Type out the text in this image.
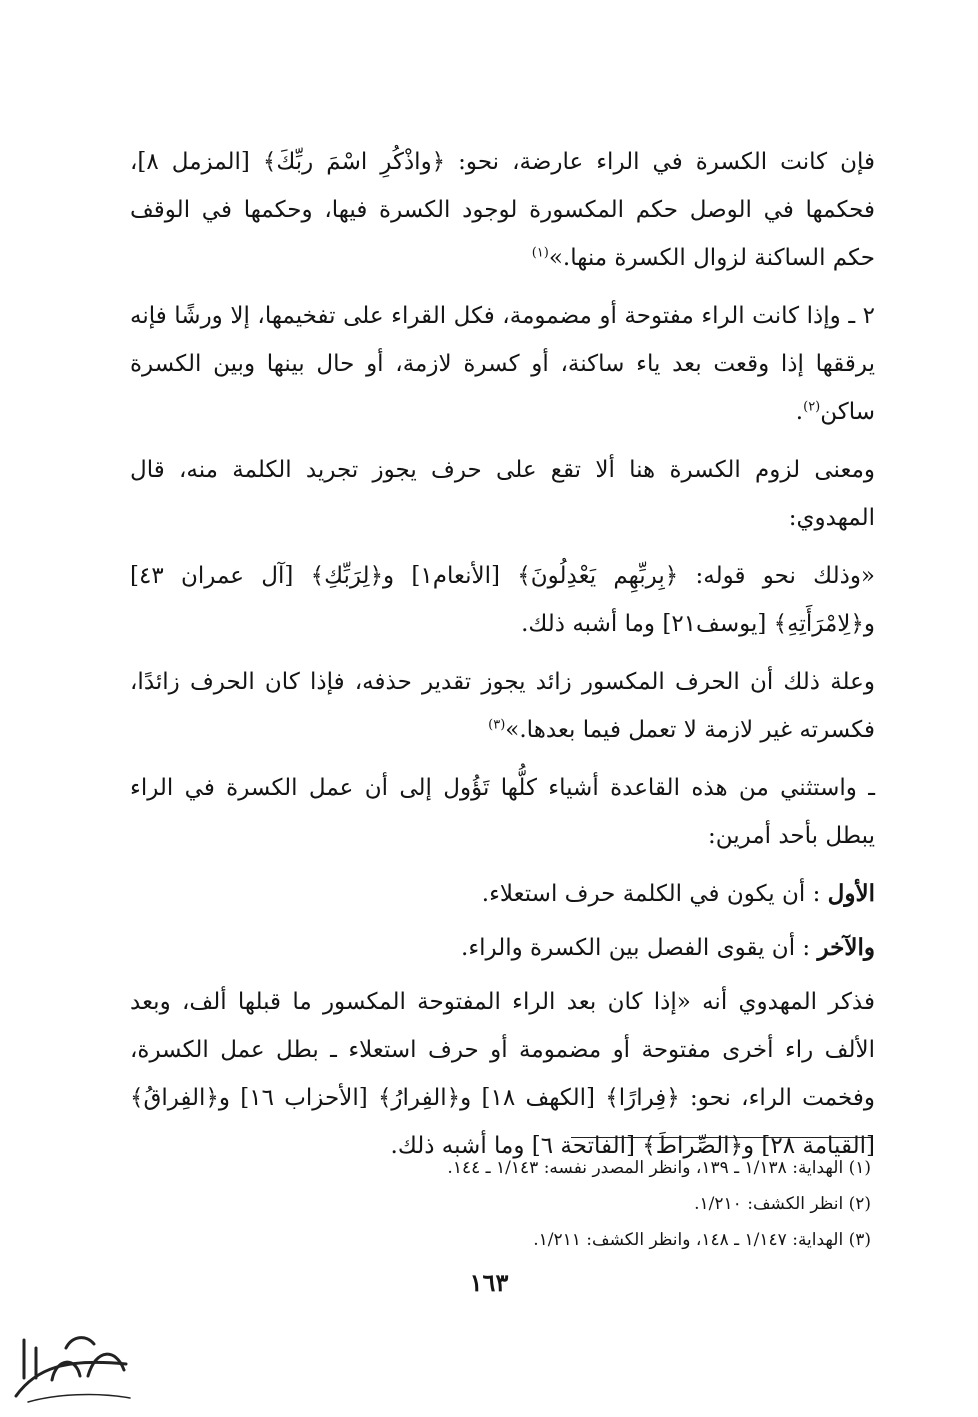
فإن كانت الكسرة في الراء عارضة، نحو: ﴿واذْكُرِ اسْمَ ربِّكَ﴾ [المزمل ٨]، فحكمها في الوصل حكم المكسورة لوجود الكسرة فيها، وحكمها في الوقف حكم الساكنة لزوال الكسرة منها.»$^{(١)}$

٢ ـ وإذا كانت الراء مفتوحة أو مضمومة، فكل القراء على تفخيمها، إلا ورشًا فإنه يرققها إذا وقعت بعد ياء ساكنة، أو كسرة لازمة، أو حال بينها وبين الكسرة ساكن$^{(٢)}$.

ومعنى لزوم الكسرة هنا ألا تقع على حرف يجوز تجريد الكلمة منه، قال المهدوي:

«وذلك نحو قوله: ﴿بِربِّهِم يَعْدِلُونَ﴾ [الأنعام١] و﴿لِرَبِّكِ﴾ [آل عمران ٤٣] و﴿لِامْرَأَتِهِ﴾ [يوسف٢١] وما أشبه ذلك.

وعلة ذلك أن الحرف المكسور زائد يجوز تقدير حذفه، فإذا كان الحرف زائدًا، فكسرته غير لازمة لا تعمل فيما بعدها.»$^{(٣)}$

ـ واستثني من هذه القاعدة أشياء كلُّها تَؤُول إلى أن عمل الكسرة في الراء يبطل بأحد أمرين:

الأول : أن يكون في الكلمة حرف استعلاء.

والآخر : أن يقوى الفصل بين الكسرة والراء.

فذكر المهدوي أنه «إذا كان بعد الراء المفتوحة المكسور ما قبلها ألف، وبعد الألف راء أخرى مفتوحة أو مضمومة أو حرف استعلاء ـ بطل عمل الكسرة، وفخمت الراء، نحو: ﴿فِرارًا﴾ [الكهف ١٨] و﴿الفِرارُ﴾ [الأحزاب ١٦] و﴿الفِراقُ﴾ [القيامة ٢٨] و﴿الصِّراطَ﴾ [الفاتحة ٦] وما أشبه ذلك.

(١) الهداية: ١/١٣٨ ـ ١٣٩، وانظر المصدر نفسه: ١/١٤٣ ـ ١٤٤.

(٢) انظر الكشف: ١/٢١٠.

(٣) الهداية: ١/١٤٧ ـ ١٤٨، وانظر الكشف: ١/٢١١.

١٦٣
